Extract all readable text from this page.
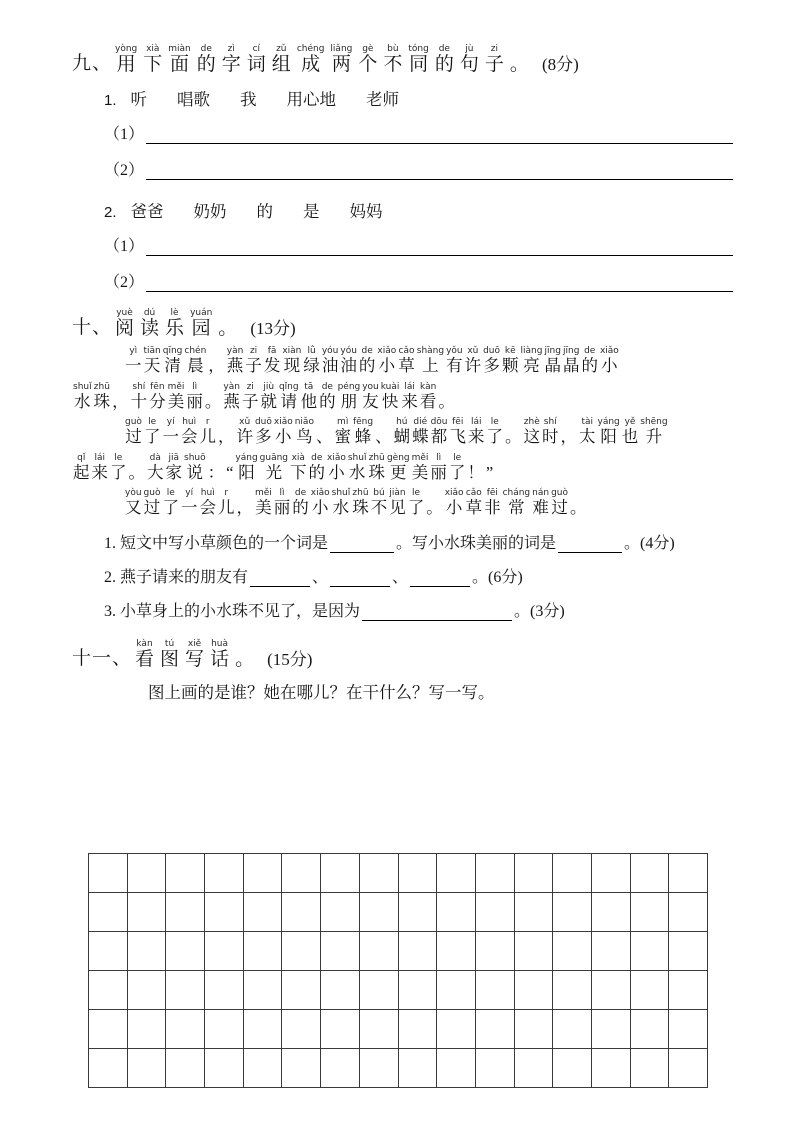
九、 用yòng下xià面miàn的de字zì词cí组zǔ成chéng两liǎng个gè不bù同tóng的de句jù子zi。 (8分)
1. 听 唱歌 我 用心地 老师
（1）
（2）
2. 爸爸 奶奶 的 是 妈妈
（1）
（2）
十、 阅yuè读dú乐lè园yuán。 (13分)
一yì天tiān清qīng晨chén， 燕yàn子zi发fā现xiàn绿lǜ油yóu油yóu的de小xiǎo草cǎo上shàng有yǒu许xǔ多duō颗kē亮liàng晶jīng晶jīng的de小xiǎo
水shuǐ珠zhū， 十shí分fēn美měi丽lì。 燕yàn子zi就jiù请qǐng他tā的de朋péng友you快kuài来lái看kàn。
过guò了le一yí会huì儿r， 许xǔ多duō小xiǎo鸟niǎo、 蜜mì蜂fēng、 蝴hú蝶dié都dōu飞fēi来lái了le。 这zhè时shí， 太tài阳yáng也yě升shēng
起qǐ来lái了le。 大dà家jiā说shuō： “ 阳yáng光guāng下xià的de小xiǎo水shuǐ珠zhū更gèng美měi丽lì了le！ ”
又yòu过guò了le一yí会huì儿r， 美měi丽lì的de小xiǎo水shuǐ珠zhū不bú见jiàn了le。 小xiǎo草cǎo非fēi常cháng难nán过guò。
1. 短文中写小草颜色的一个词是	。写小水珠美丽的词是	。(4分)
2. 燕子请来的朋友有	、	、	。(6分)
3. 小草身上的小水珠不见了，是因为	。(3分)
十一、 看kàn图tú写xiě话huà。 (15分)
图上画的是谁？她在哪儿？在干什么？写一写。
